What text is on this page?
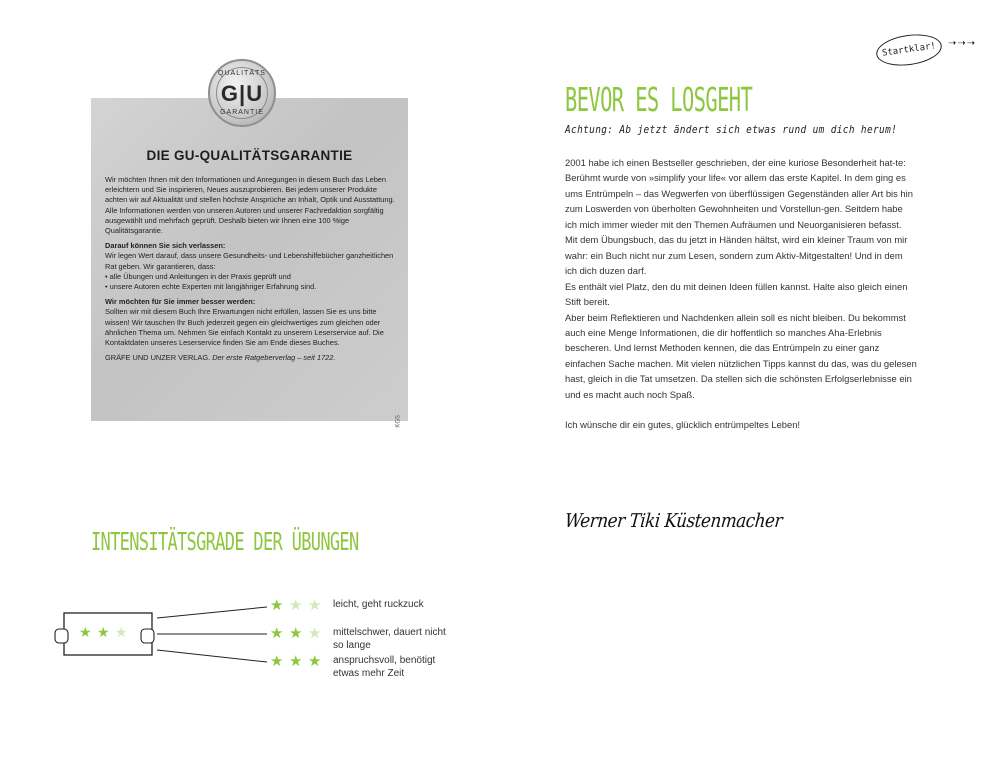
DIE GU-QUALITÄTSGARANTIE

Wir möchten Ihnen mit den Informationen und Anregungen in diesem Buch das Leben erleichtern und Sie inspirieren, Neues auszuprobieren. Bei jedem unserer Produkte achten wir auf Aktualität und stellen höchste Ansprüche an Inhalt, Optik und Ausstattung. Alle Informationen werden von unseren Autoren und unserer Fachredaktion sorgfältig ausgewählt und mehrfach geprüft. Deshalb bieten wir Ihnen eine 100 %ige Qualitätsgarantie.

Darauf können Sie sich verlassen:
Wir legen Wert darauf, dass unsere Gesundheits- und Lebenshilfebücher ganzheitlichen Rat geben. Wir garantieren, dass:
• alle Übungen und Anleitungen in der Praxis geprüft und
• unsere Autoren echte Experten mit langjähriger Erfahrung sind.

Wir möchten für Sie immer besser werden:
Sollten wir mit diesem Buch Ihre Erwartungen nicht erfüllen, lassen Sie es uns bitte wissen! Wir tauschen Ihr Buch jederzeit gegen ein gleichwertiges zum gleichen oder ähnlichen Thema um. Nehmen Sie einfach Kontakt zu unserem Leserservice auf. Die Kontaktdaten unseres Leserservice finden Sie am Ende dieses Buches.

GRÄFE UND UNZER VERLAG. Der erste Ratgeberverlag – seit 1722.

KGS
QUALITÄTS
G|U
GARANTIE
INTENSITÄTSGRADE DER ÜBUNGEN
★ ★ ★
★ ★ ★ leicht, geht ruckzuck
★ ★ ★ mittelschwer, dauert nicht so lange
★ ★ ★ anspruchsvoll, benötigt etwas mehr Zeit
Startklar!	➝➝➝
BEVOR ES LOSGEHT
Achtung: Ab jetzt ändert sich etwas rund um dich herum!

2001 habe ich einen Bestseller geschrieben, der eine kuriose Besonderheit hat-te: Berühmt wurde von »simplify your life« vor allem das erste Kapitel. In dem ging es ums Entrümpeln – das Wegwerfen von überflüssigen Gegenständen aller Art bis hin zum Loswerden von überholten Gewohnheiten und Vorstellun-gen. Seitdem habe ich mich immer wieder mit den Themen Aufräumen und Neuorganisieren befasst.

Mit dem Übungsbuch, das du jetzt in Händen hältst, wird ein kleiner Traum von mir wahr: ein Buch nicht nur zum Lesen, sondern zum Aktiv-Mitgestalten! Und in dem ich dich duzen darf.

Es enthält viel Platz, den du mit deinen Ideen füllen kannst. Halte also gleich einen Stift bereit.

Aber beim Reflektieren und Nachdenken allein soll es nicht bleiben. Du bekommst auch eine Menge Informationen, die dir hoffentlich so manches Aha-Erlebnis bescheren. Und lernst Methoden kennen, die das Entrümpeln zu einer ganz einfachen Sache machen. Mit vielen nützlichen Tipps kannst du das, was du gelesen hast, gleich in die Tat umsetzen. Da stellen sich die schönsten Erfolgserlebnisse ein und es macht auch noch Spaß.

Ich wünsche dir ein gutes, glücklich entrümpeltes Leben!

Werner Tiki Küstenmacher
